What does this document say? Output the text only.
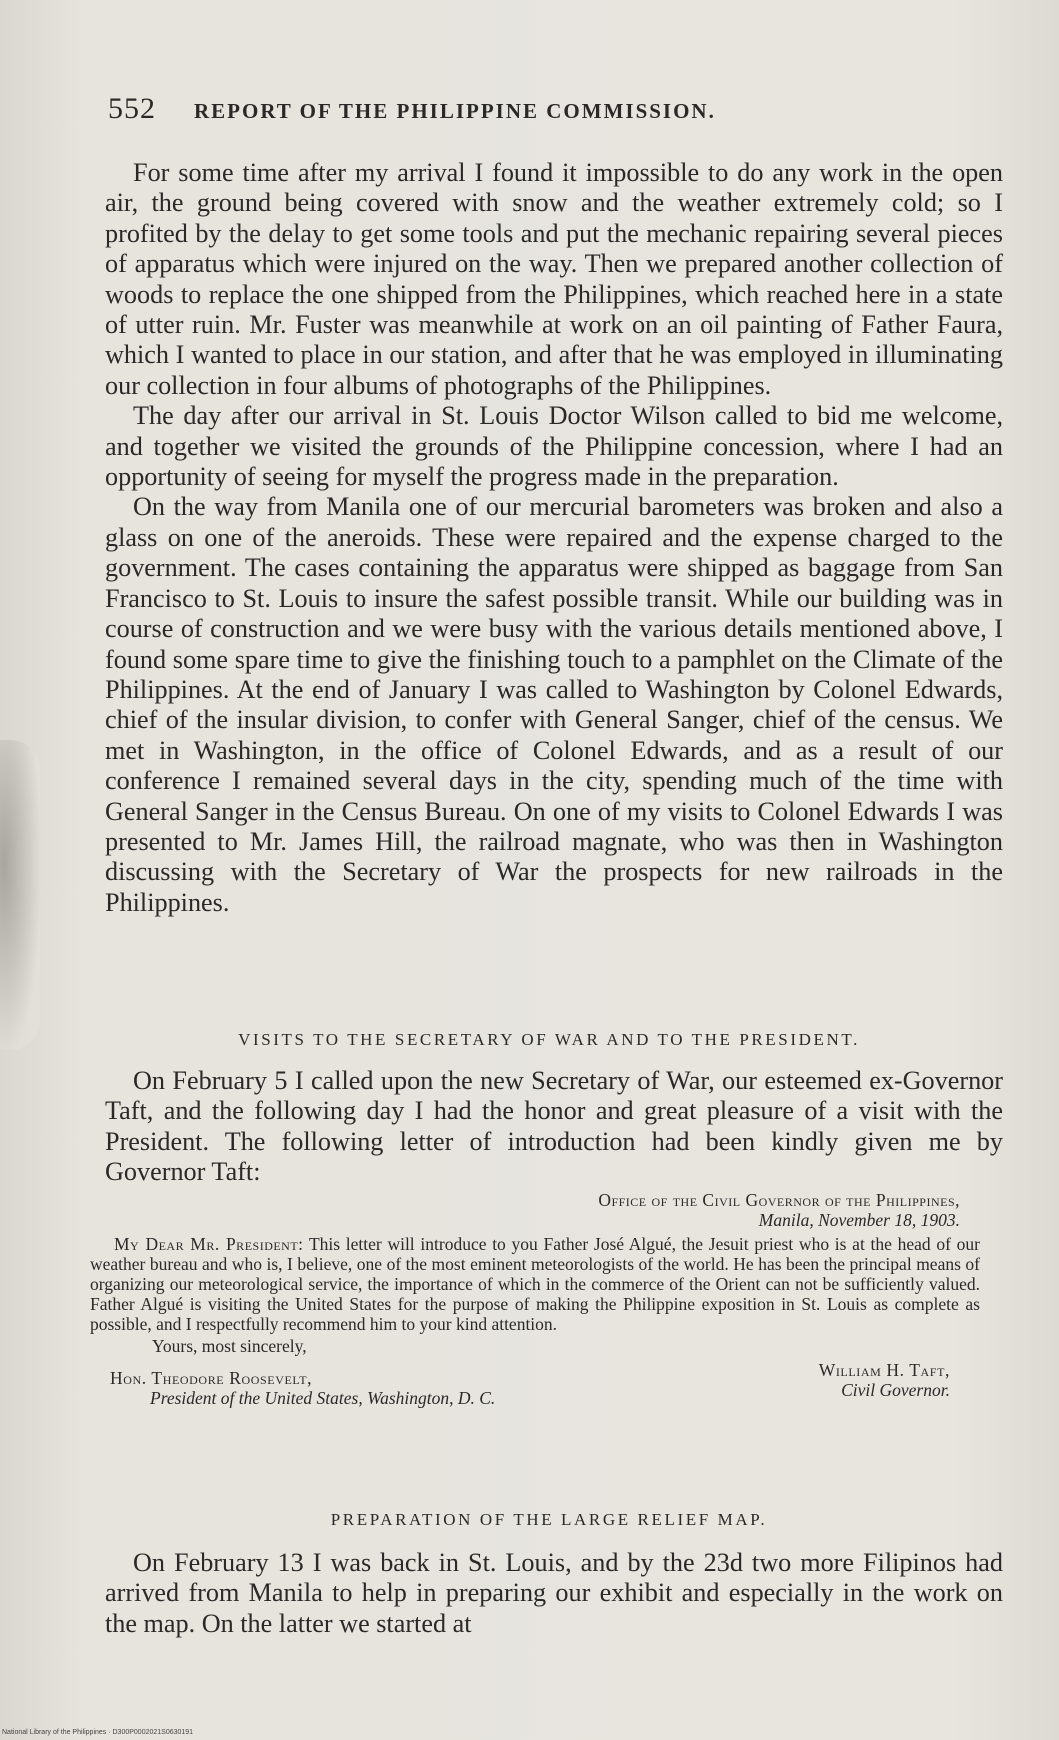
552 REPORT OF THE PHILIPPINE COMMISSION.

For some time after my arrival I found it impossible to do any work in the open air, the ground being covered with snow and the weather extremely cold; so I profited by the delay to get some tools and put the mechanic repairing several pieces of apparatus which were injured on the way. Then we prepared another collection of woods to replace the one shipped from the Philippines, which reached here in a state of utter ruin. Mr. Fuster was meanwhile at work on an oil painting of Father Faura, which I wanted to place in our station, and after that he was employed in illuminating our collection in four albums of photographs of the Philippines.

The day after our arrival in St. Louis Doctor Wilson called to bid me welcome, and together we visited the grounds of the Philippine concession, where I had an opportunity of seeing for myself the progress made in the preparation.

On the way from Manila one of our mercurial barometers was broken and also a glass on one of the aneroids. These were repaired and the expense charged to the government. The cases containing the apparatus were shipped as baggage from San Francisco to St. Louis to insure the safest possible transit. While our building was in course of construction and we were busy with the various details mentioned above, I found some spare time to give the finishing touch to a pamphlet on the Climate of the Philippines. At the end of January I was called to Washington by Colonel Edwards, chief of the insular division, to confer with General Sanger, chief of the census. We met in Washington, in the office of Colonel Edwards, and as a result of our conference I remained several days in the city, spending much of the time with General Sanger in the Census Bureau. On one of my visits to Colonel Edwards I was presented to Mr. James Hill, the railroad magnate, who was then in Washington discussing with the Secretary of War the prospects for new railroads in the Philippines.

VISITS TO THE SECRETARY OF WAR AND TO THE PRESIDENT.

On February 5 I called upon the new Secretary of War, our esteemed ex-Governor Taft, and the following day I had the honor and great pleasure of a visit with the President. The following letter of introduction had been kindly given me by Governor Taft:

Office of the Civil Governor of the Philippines,
Manila, November 18, 1903.

My Dear Mr. President: This letter will introduce to you Father José Algué, the Jesuit priest who is at the head of our weather bureau and who is, I believe, one of the most eminent meteorologists of the world. He has been the principal means of organizing our meteorological service, the importance of which in the commerce of the Orient can not be sufficiently valued. Father Algué is visiting the United States for the purpose of making the Philippine exposition in St. Louis as complete as possible, and I respectfully recommend him to your kind attention.

Yours, most sincerely,
Hon. Theodore Roosevelt,
President of the United States, Washington, D. C.
William H. Taft,
Civil Governor.
PREPARATION OF THE LARGE RELIEF MAP.

On February 13 I was back in St. Louis, and by the 23d two more Filipinos had arrived from Manila to help in preparing our exhibit and especially in the work on the map. On the latter we started at

National Library of the Philippines · D300P0002021S0630191
